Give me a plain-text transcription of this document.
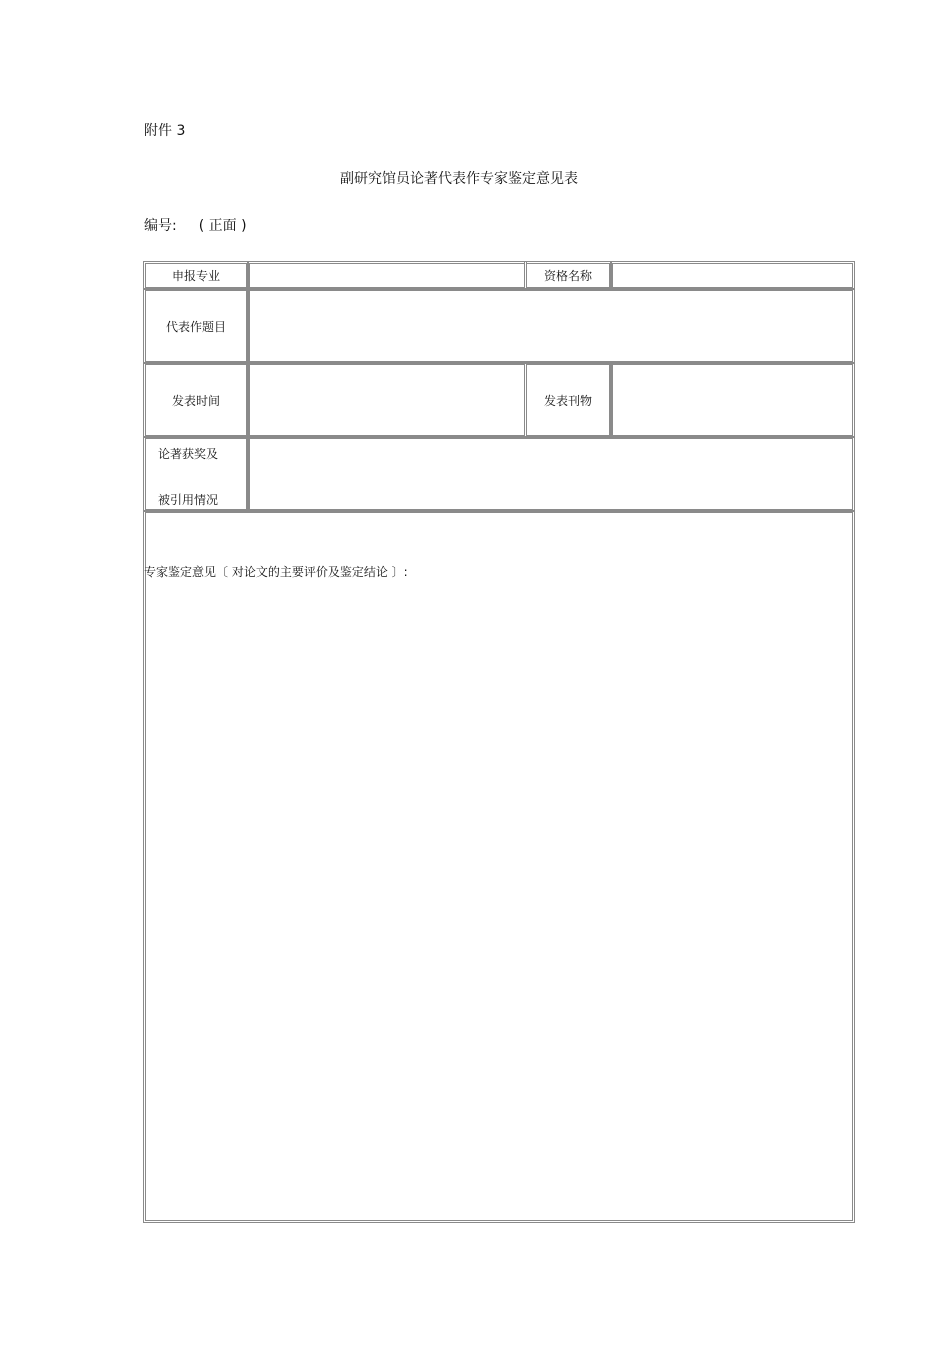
附件 3
副研究馆员论著代表作专家鉴定意见表
编号: ( 正面 )
申报专业	资格名称
代表作题目
发表时间	发表刊物
论著获奖及
被引用情况
专家鉴定意见〔 对论文的主要评价及鉴定结论 〕:
